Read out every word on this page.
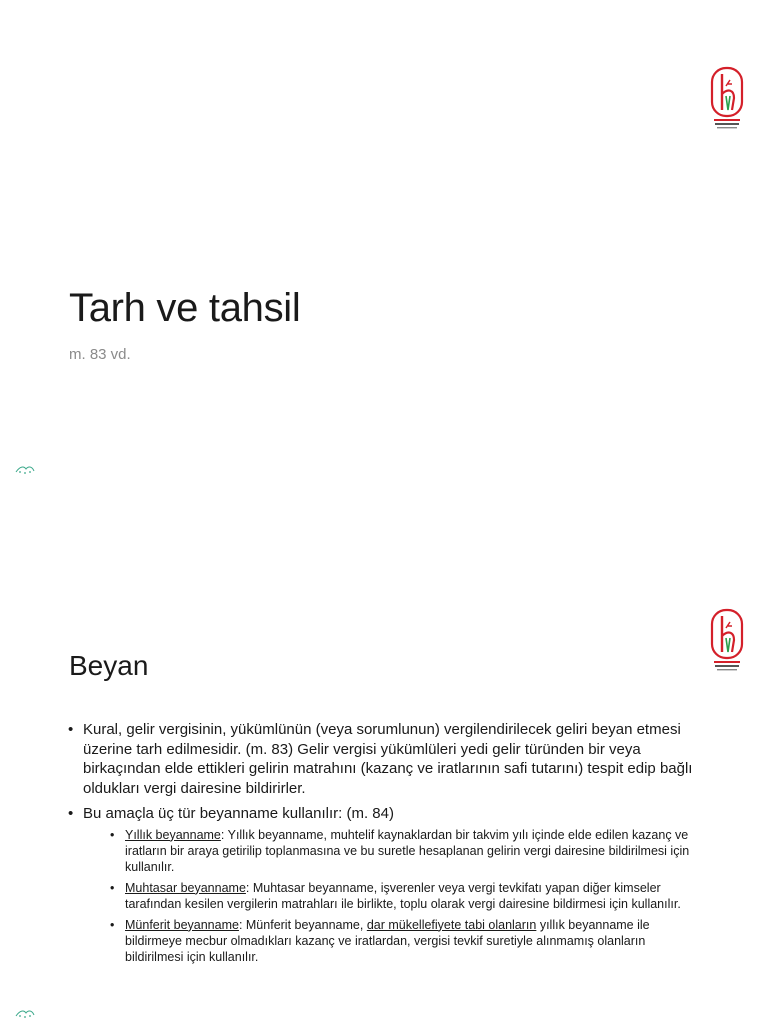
Tarh ve tahsil

m. 83 vd.

Beyan

• Kural, gelir vergisinin, yükümlünün (veya sorumlunun) vergilendirilecek geliri beyan etmesi üzerine tarh edilmesidir. (m. 83) Gelir vergisi yükümlüleri yedi gelir türünden bir veya birkaçından elde ettikleri gelirin matrahını (kazanç ve iratlarının safi tutarını) tespit edip bağlı oldukları vergi dairesine bildirirler.

• Bu amaçla üç tür beyanname kullanılır: (m. 84)
• Yıllık beyanname: Yıllık beyanname, muhtelif kaynaklardan bir takvim yılı içinde elde edilen kazanç ve iratların bir araya getirilip toplanmasına ve bu suretle hesaplanan gelirin vergi dairesine bildirilmesi için kullanılır.
• Muhtasar beyanname: Muhtasar beyanname, işverenler veya vergi tevkifatı yapan diğer kimseler tarafından kesilen vergilerin matrahları ile birlikte, toplu olarak vergi dairesine bildirmesi için kullanılır.
• Münferit beyanname: Münferit beyanname, dar mükellefiyete tabi olanların yıllık beyanname ile bildirmeye mecbur olmadıkları kazanç ve iratlardan, vergisi tevkif suretiyle alınmamış olanların bildirilmesi için kullanılır.
